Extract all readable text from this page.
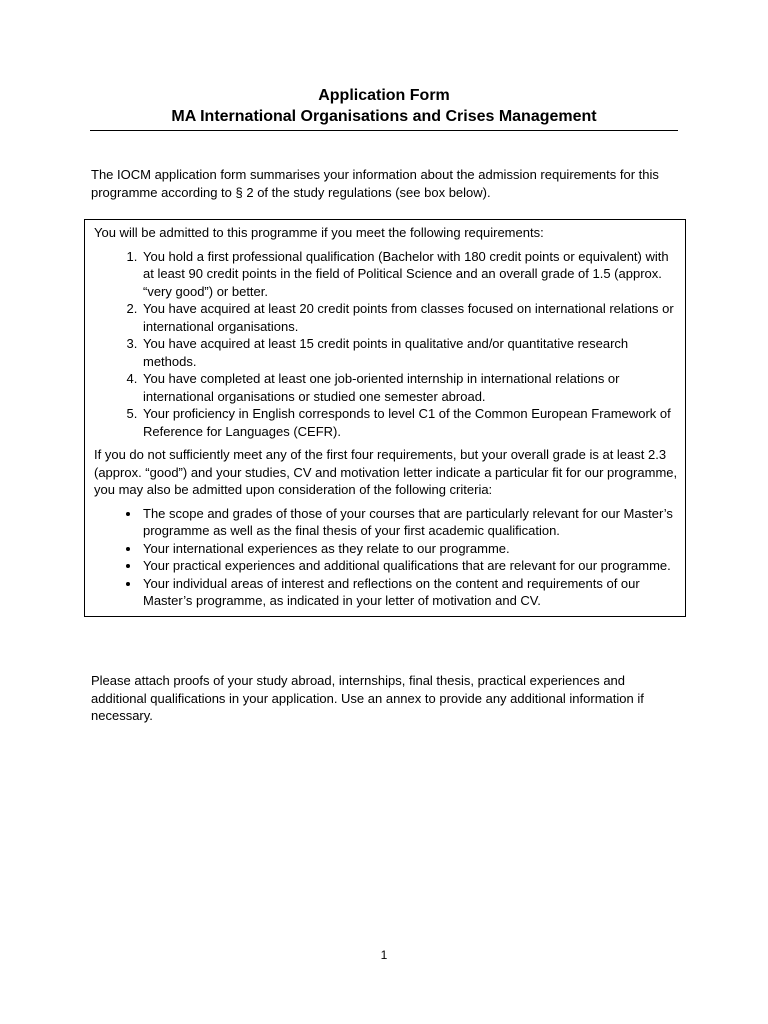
Application Form
MA International Organisations and Crises Management

The IOCM application form summarises your information about the admission requirements for this programme according to § 2 of the study regulations (see box below).

You will be admitted to this programme if you meet the following requirements:

1. You hold a first professional qualification (Bachelor with 180 credit points or equivalent) with at least 90 credit points in the field of Political Science and an overall grade of 1.5 (approx. “very good”) or better.
2. You have acquired at least 20 credit points from classes focused on international relations or international organisations.
3. You have acquired at least 15 credit points in qualitative and/or quantitative research methods.
4. You have completed at least one job-oriented internship in international relations or international organisations or studied one semester abroad.
5. Your proficiency in English corresponds to level C1 of the Common European Framework of Reference for Languages (CEFR).

If you do not sufficiently meet any of the first four requirements, but your overall grade is at least 2.3 (approx. “good”) and your studies, CV and motivation letter indicate a particular fit for our programme, you may also be admitted upon consideration of the following criteria:

• The scope and grades of those of your courses that are particularly relevant for our Master’s programme as well as the final thesis of your first academic qualification.
• Your international experiences as they relate to our programme.
• Your practical experiences and additional qualifications that are relevant for our programme.
• Your individual areas of interest and reflections on the content and requirements of our Master’s programme, as indicated in your letter of motivation and CV.

Please attach proofs of your study abroad, internships, final thesis, practical experiences and additional qualifications in your application. Use an annex to provide any additional information if necessary.

1
